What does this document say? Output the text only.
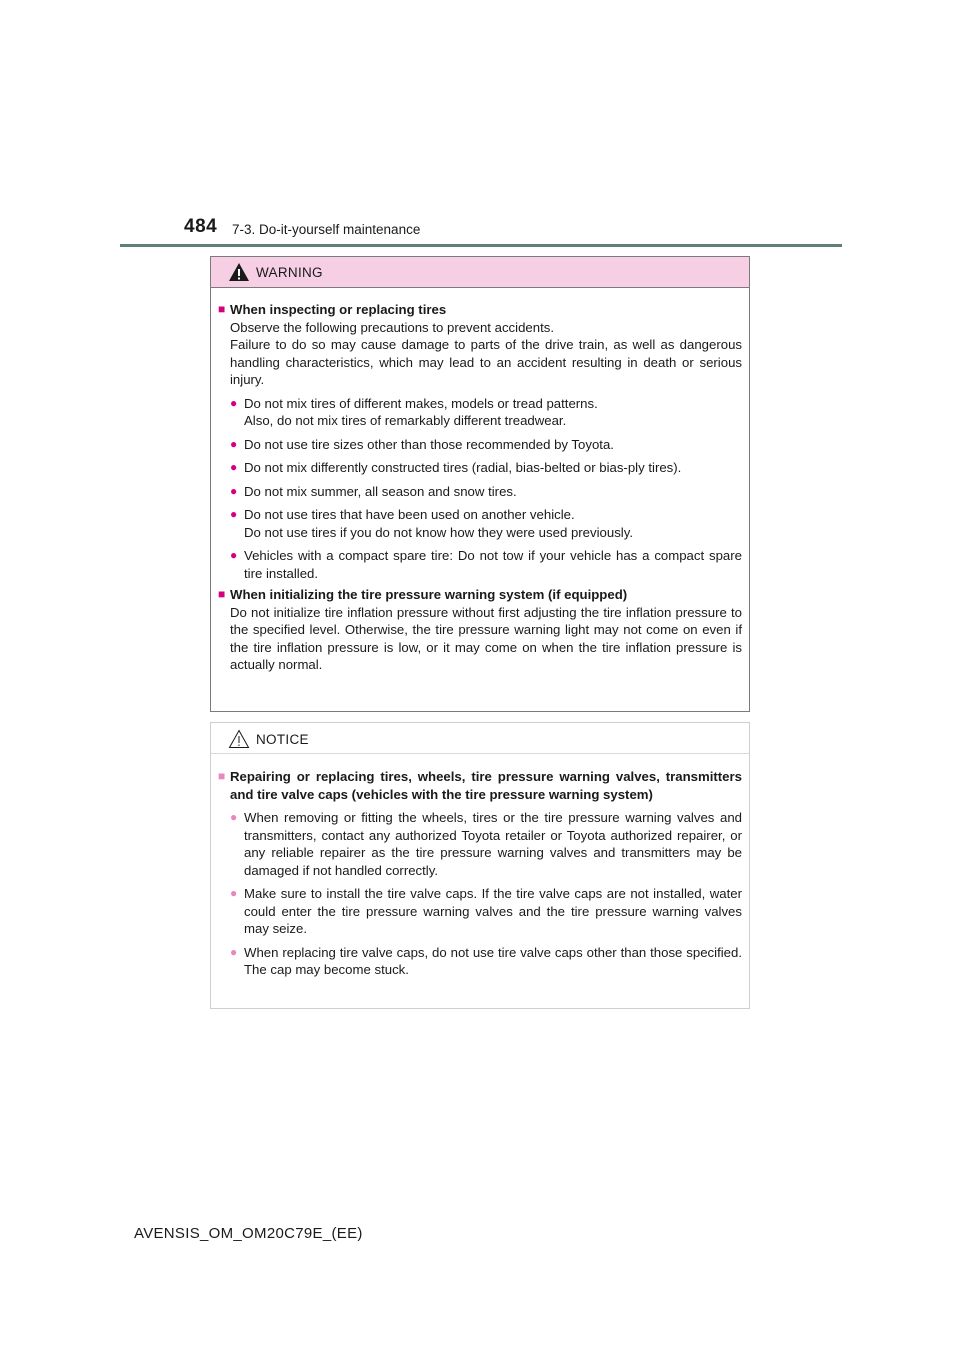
484 7-3. Do-it-yourself maintenance
WARNING
■ When inspecting or replacing tires
Observe the following precautions to prevent accidents.
Failure to do so may cause damage to parts of the drive train, as well as dangerous handling characteristics, which may lead to an accident resulting in death or serious injury.
● Do not mix tires of different makes, models or tread patterns.
Also, do not mix tires of remarkably different treadwear.
● Do not use tire sizes other than those recommended by Toyota.
● Do not mix differently constructed tires (radial, bias-belted or bias-ply tires).
● Do not mix summer, all season and snow tires.
● Do not use tires that have been used on another vehicle.
Do not use tires if you do not know how they were used previously.
● Vehicles with a compact spare tire: Do not tow if your vehicle has a compact spare tire installed.
■ When initializing the tire pressure warning system (if equipped)
Do not initialize tire inflation pressure without first adjusting the tire inflation pressure to the specified level. Otherwise, the tire pressure warning light may not come on even if the tire inflation pressure is low, or it may come on when the tire inflation pressure is actually normal.
NOTICE
■ Repairing or replacing tires, wheels, tire pressure warning valves, transmitters and tire valve caps (vehicles with the tire pressure warning system)
● When removing or fitting the wheels, tires or the tire pressure warning valves and transmitters, contact any authorized Toyota retailer or Toyota authorized repairer, or any reliable repairer as the tire pressure warning valves and transmitters may be damaged if not handled correctly.
● Make sure to install the tire valve caps. If the tire valve caps are not installed, water could enter the tire pressure warning valves and the tire pressure warning valves may seize.
● When replacing tire valve caps, do not use tire valve caps other than those specified. The cap may become stuck.
AVENSIS_OM_OM20C79E_(EE)
